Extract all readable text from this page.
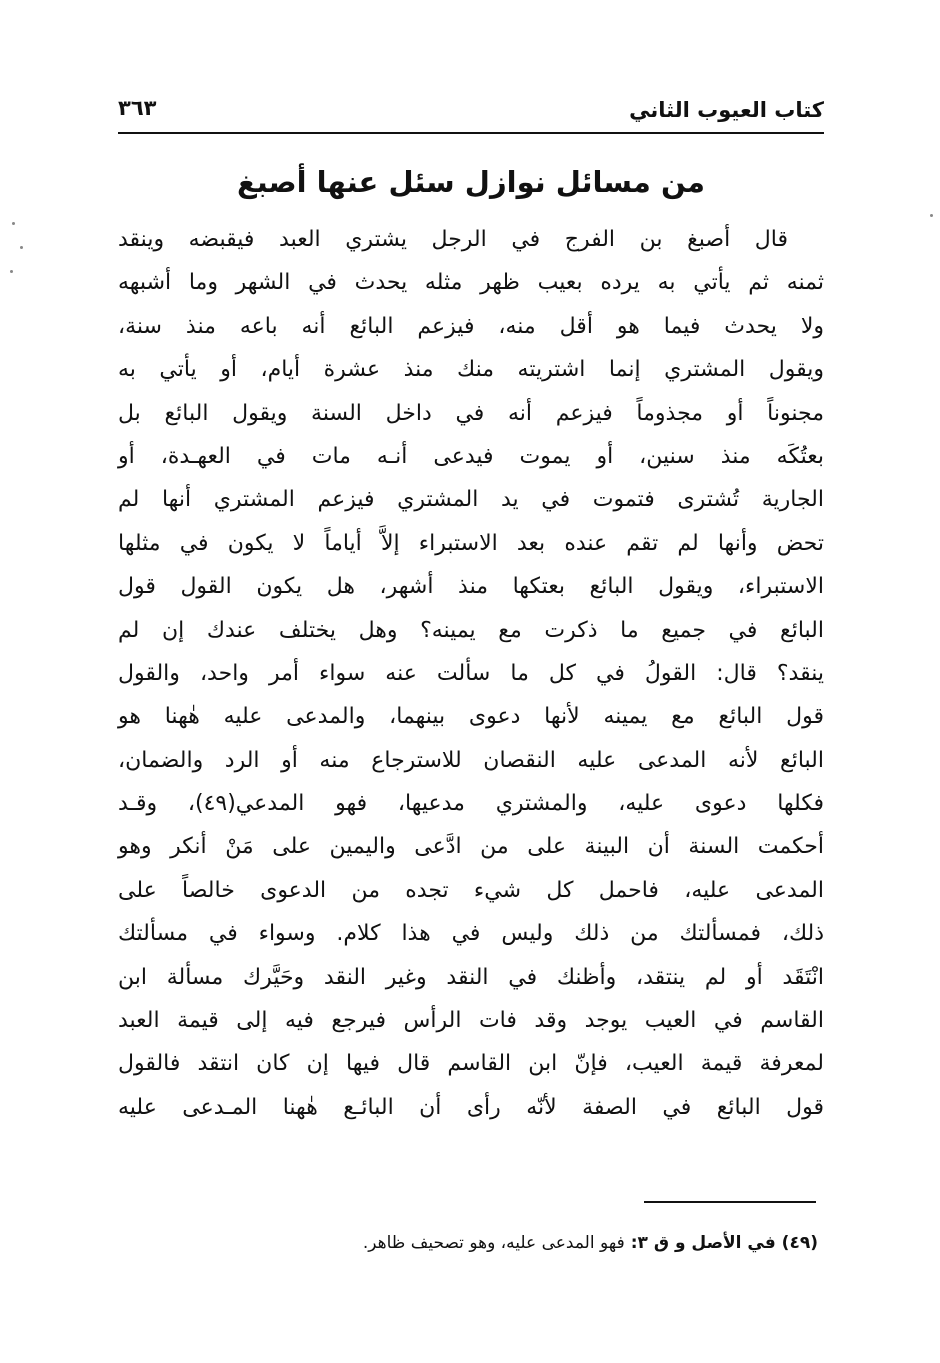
كتاب العيوب الثاني
٣٦٣
من مسائل نوازل سئل عنها أصبغ
قال أصبغ بن الفرج في الرجل يشتري العبد فيقبضه وينقد
ثمنه ثم يأتي به يرده بعيب ظهر مثله يحدث في الشهر وما أشبهه
ولا يحدث فيما هو أقل منه، فيزعم البائع أنه باعه منذ سنة،
ويقول المشتري إنما اشتريته منك منذ عشرة أيام، أو يأتي به
مجنوناً أو مجذوماً فيزعم أنه في داخل السنة ويقول البائع بل
بعتُكَه منذ سنين، أو يموت فيدعى أنـه مات في العهـدة، أو
الجارية تُشترى فتموت في يد المشتري فيزعم المشتري أنها لم
تحض وأنها لم تقم عنده بعد الاستبراء إلاَّ أياماً لا يكون في مثلها
الاستبراء، ويقول البائع بعتكها منذ أشهر، هل يكون القول قول
البائع في جميع ما ذكرت مع يمينه؟ وهل يختلف عندك إن لم
ينقد؟ قال: القولُ في كل ما سألت عنه سواء أمر واحد، والقول
قول البائع مع يمينه لأنها دعوى بينهما، والمدعى عليه هٰهنا هو
البائع لأنه المدعى عليه النقصان للاسترجاع منه أو الرد والضمان،
فكلها دعوى عليه، والمشتري مدعيها، فهو المدعي(٤٩)، وقـد
أحكمت السنة أن البينة على من ادَّعى واليمين على مَنْ أنكر وهو
المدعى عليه، فاحمل كل شيء تجده من الدعوى خالصاً على
ذلك، فمسألتك من ذلك وليس في هذا كلام. وسواء في مسألتك
انْتَقَد أو لم ينتقد، وأظنك في النقد وغير النقد وحَيَّرك مسألة ابن
القاسم في العيب يوجد وقد فات الرأس فيرجع فيه إلى قيمة العبد
لمعرفة قيمة العيب، فإنّ ابن القاسم قال فيها إن كان انتقد فالقول
قول البائع في الصفة لأنّه رأى أن البائـع هٰهنا المـدعى عليه
(٤٩) في الأصل و ق ٣:فهو المدعى عليه، وهو تصحيف ظاهر.
